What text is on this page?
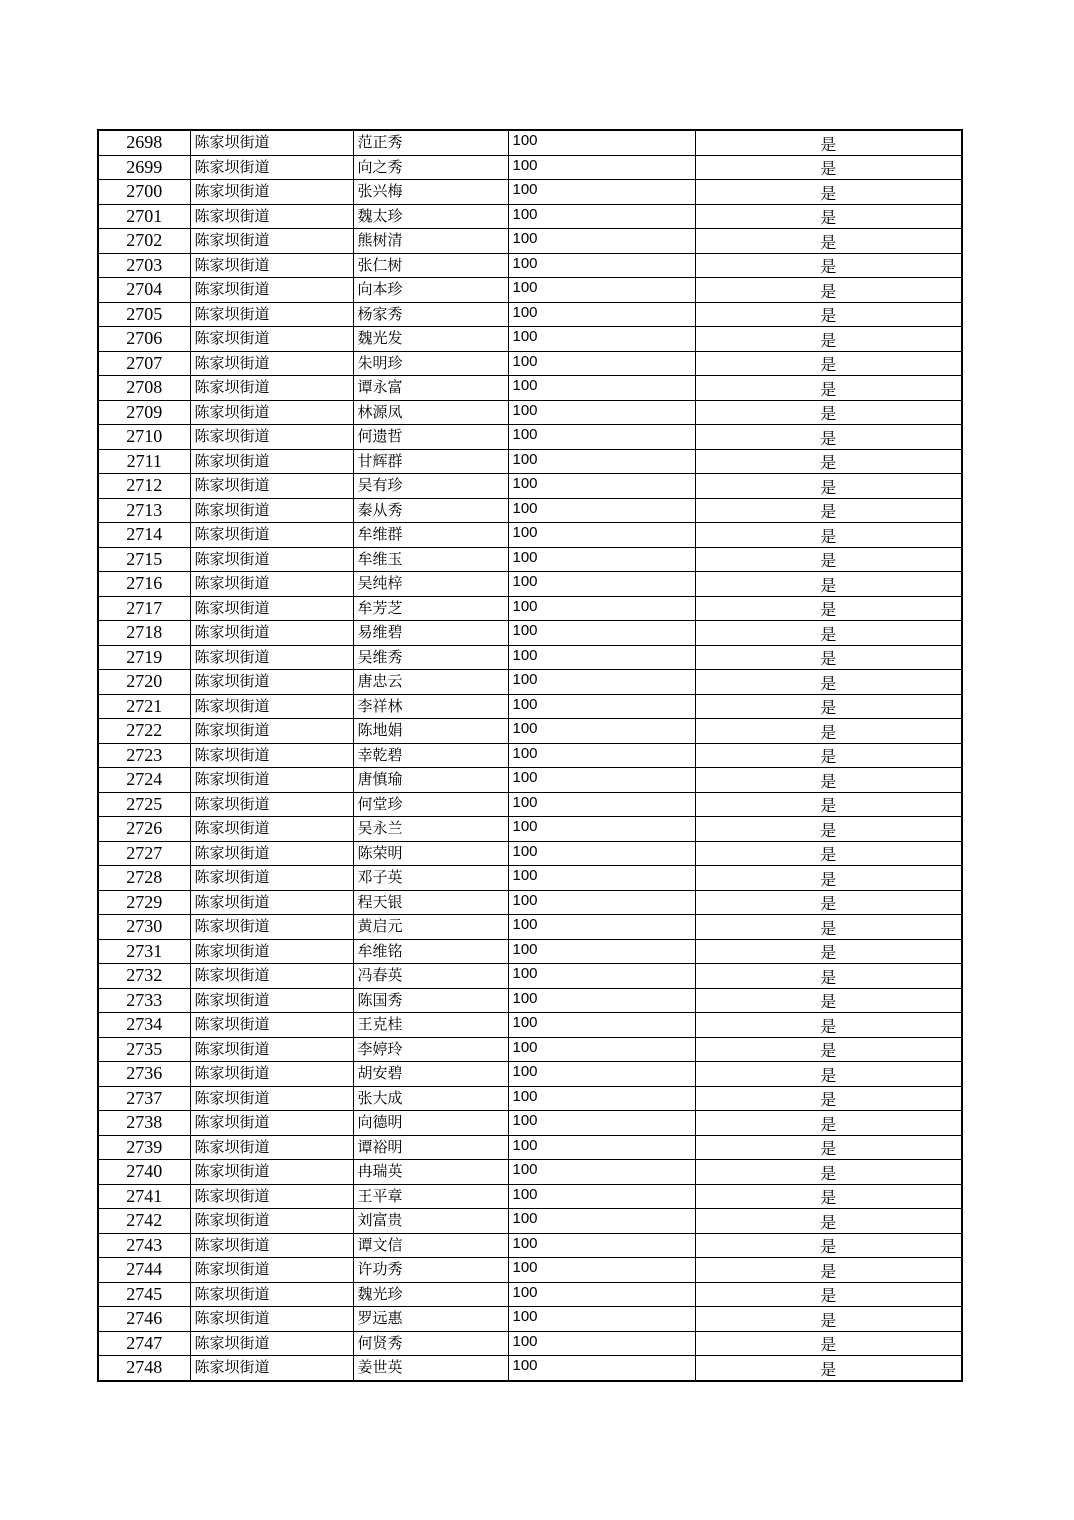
2698	陈家坝街道	范正秀	100	是
2699	陈家坝街道	向之秀	100	是
2700	陈家坝街道	张兴梅	100	是
2701	陈家坝街道	魏太珍	100	是
2702	陈家坝街道	熊树清	100	是
2703	陈家坝街道	张仁树	100	是
2704	陈家坝街道	向本珍	100	是
2705	陈家坝街道	杨家秀	100	是
2706	陈家坝街道	魏光发	100	是
2707	陈家坝街道	朱明珍	100	是
2708	陈家坝街道	谭永富	100	是
2709	陈家坝街道	林源凤	100	是
2710	陈家坝街道	何遗哲	100	是
2711	陈家坝街道	甘辉群	100	是
2712	陈家坝街道	吴有珍	100	是
2713	陈家坝街道	秦从秀	100	是
2714	陈家坝街道	牟维群	100	是
2715	陈家坝街道	牟维玉	100	是
2716	陈家坝街道	吴纯梓	100	是
2717	陈家坝街道	牟芳芝	100	是
2718	陈家坝街道	易维碧	100	是
2719	陈家坝街道	吴维秀	100	是
2720	陈家坝街道	唐忠云	100	是
2721	陈家坝街道	李祥林	100	是
2722	陈家坝街道	陈地娟	100	是
2723	陈家坝街道	幸乾碧	100	是
2724	陈家坝街道	唐慎瑜	100	是
2725	陈家坝街道	何堂珍	100	是
2726	陈家坝街道	吴永兰	100	是
2727	陈家坝街道	陈荣明	100	是
2728	陈家坝街道	邓子英	100	是
2729	陈家坝街道	程天银	100	是
2730	陈家坝街道	黄启元	100	是
2731	陈家坝街道	牟维铭	100	是
2732	陈家坝街道	冯春英	100	是
2733	陈家坝街道	陈国秀	100	是
2734	陈家坝街道	王克桂	100	是
2735	陈家坝街道	李婷玲	100	是
2736	陈家坝街道	胡安碧	100	是
2737	陈家坝街道	张大成	100	是
2738	陈家坝街道	向德明	100	是
2739	陈家坝街道	谭裕明	100	是
2740	陈家坝街道	冉瑞英	100	是
2741	陈家坝街道	王平章	100	是
2742	陈家坝街道	刘富贵	100	是
2743	陈家坝街道	谭文信	100	是
2744	陈家坝街道	许功秀	100	是
2745	陈家坝街道	魏光珍	100	是
2746	陈家坝街道	罗远惠	100	是
2747	陈家坝街道	何贤秀	100	是
2748	陈家坝街道	姜世英	100	是
